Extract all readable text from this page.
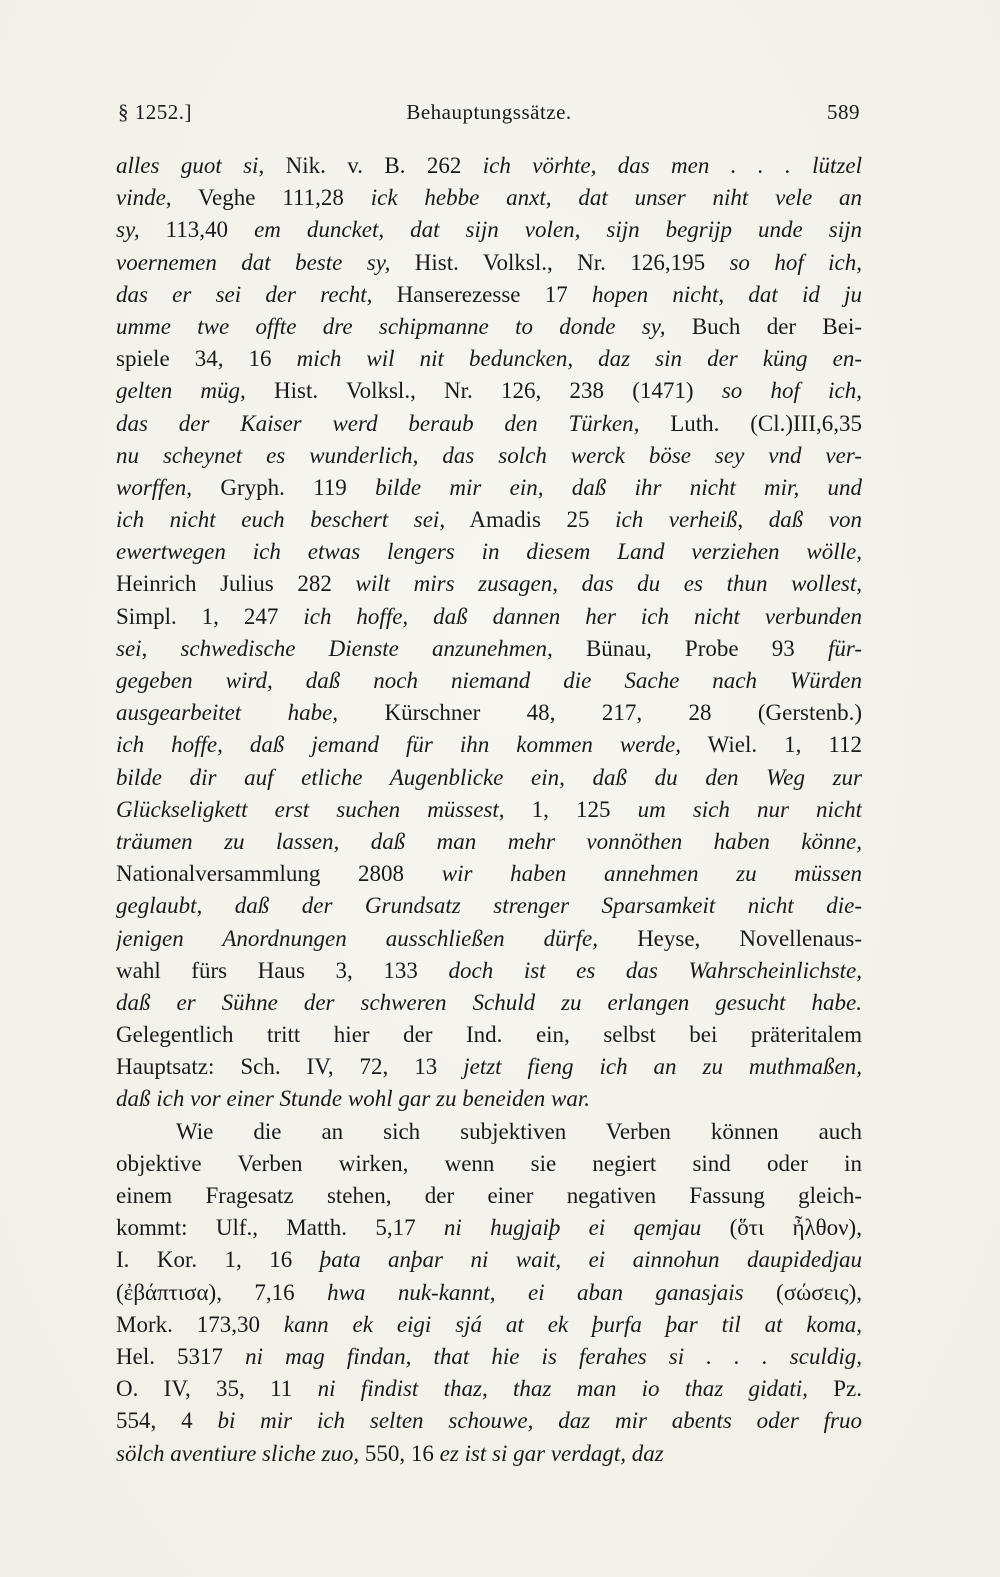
§ 1252.]	Behauptungssätze.	589
alles guot si, Nik. v. B. 262 ich vörhte, das men . . . lützel
vinde, Veghe 111,28 ick hebbe anxt, dat unser niht vele an
sy, 113,40 em duncket, dat sijn volen, sijn begrijp unde sijn
voernemen dat beste sy, Hist. Volksl., Nr. 126,195 so hof ich,
das er sei der recht, Hanserezesse 17 hopen nicht, dat id ju
umme twe offte dre schipmanne to donde sy, Buch der Bei-
spiele 34, 16 mich wil nit beduncken, daz sin der küng en-
gelten müg, Hist. Volksl., Nr. 126, 238 (1471) so hof ich,
das der Kaiser werd beraub den Türken, Luth. (Cl.)III,6,35
nu scheynet es wunderlich, das solch werck böse sey vnd ver-
worffen, Gryph. 119 bilde mir ein, daß ihr nicht mir, und
ich nicht euch beschert sei, Amadis 25 ich verheiß, daß von
ewertwegen ich etwas lengers in diesem Land verziehen wölle,
Heinrich Julius 282 wilt mirs zusagen, das du es thun wollest,
Simpl. 1, 247 ich hoffe, daß dannen her ich nicht verbunden
sei, schwedische Dienste anzunehmen, Bünau, Probe 93 für-
gegeben wird, daß noch niemand die Sache nach Würden
ausgearbeitet habe, Kürschner 48, 217, 28 (Gerstenb.)
ich hoffe, daß jemand für ihn kommen werde, Wiel. 1, 112
bilde dir auf etliche Augenblicke ein, daß du den Weg zur
Glückseligkett erst suchen müssest, 1, 125 um sich nur nicht
träumen zu lassen, daß man mehr vonnöthen haben könne,
Nationalversammlung 2808 wir haben annehmen zu müssen
geglaubt, daß der Grundsatz strenger Sparsamkeit nicht die-
jenigen Anordnungen ausschließen dürfe, Heyse, Novellenaus-
wahl fürs Haus 3, 133 doch ist es das Wahrscheinlichste,
daß er Sühne der schweren Schuld zu erlangen gesucht habe.
Gelegentlich tritt hier der Ind. ein, selbst bei präteritalem
Hauptsatz: Sch. IV, 72, 13 jetzt fieng ich an zu muthmaßen,
daß ich vor einer Stunde wohl gar zu beneiden war.
Wie die an sich subjektiven Verben können auch
objektive Verben wirken, wenn sie negiert sind oder in
einem Fragesatz stehen, der einer negativen Fassung gleich-
kommt: Ulf., Matth. 5,17 ni hugjaiþ ei qemjau (ὅτι ἦλθον),
I. Kor. 1, 16 þata anþar ni wait, ei ainnohun daupidedjau
(ἐβάπτισα), 7,16 hwa nuk-kannt, ei aban ganasjais (σώσεις),
Mork. 173,30 kann ek eigi sjá at ek þurfa þar til at koma,
Hel. 5317 ni mag findan, that hie is ferahes si . . . sculdig,
O. IV, 35, 11 ni findist thaz, thaz man io thaz gidati, Pz.
554, 4 bi mir ich selten schouwe, daz mir abents oder fruo
sölch aventiure sliche zuo, 550, 16 ez ist si gar verdagt, daz
